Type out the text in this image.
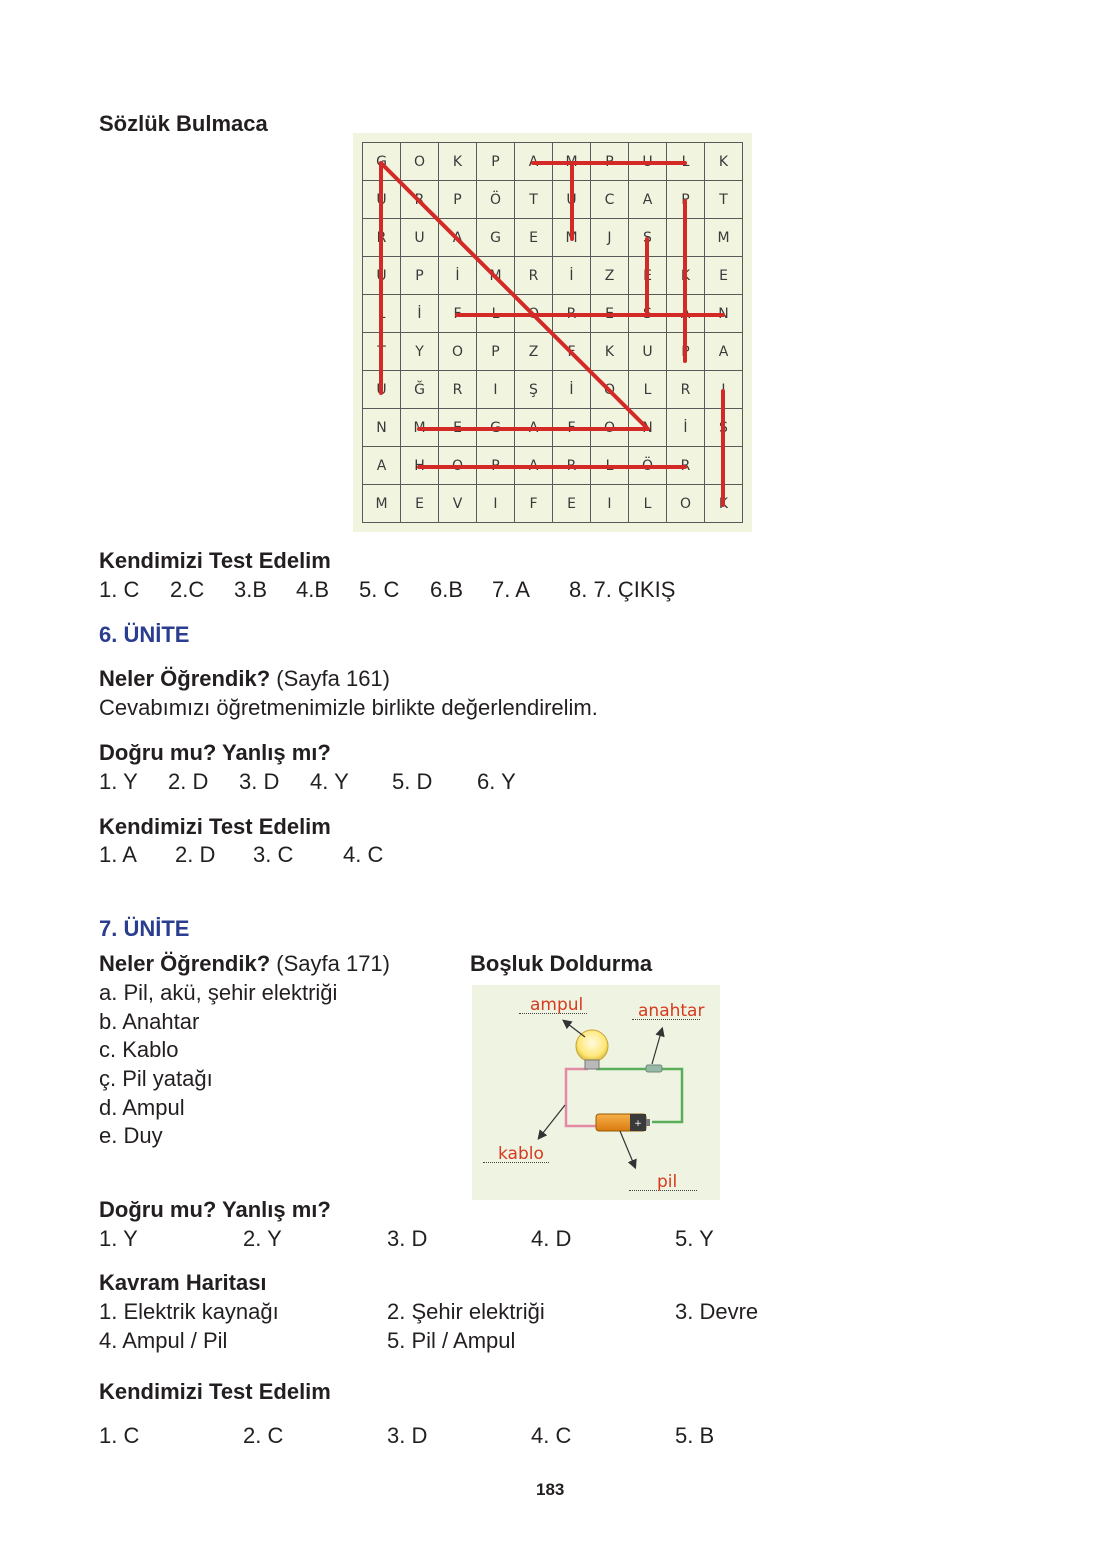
Sözlük Bulmaca
G	O	K	P	A	M	P	U	L	K
U	R	P	Ö	T	U	C	A	P	T
R	U	A	G	E	M	J	S	İ	M
U	P	İ	M	R	İ	Z	E	K	E
L	İ	F	L	O	R	E	S	A	N
T	Y	O	P	Z	F	K	U	P	A
U	Ğ	R	I	Ş	İ	O	L	R	I
N	M	E	G	A	F	O	N	İ	Ş
A	H	O	P	A	R	L	Ö	R	I
M	E	V	I	F	E	I	L	O	K
Kendimizi Test Edelim
1. C 2.C 3.B 4.B 5. C 6.B 7. A 8. 7. ÇIKIŞ
6. ÜNİTE
Neler Öğrendik? (Sayfa 161)
Cevabımızı öğretmenimizle birlikte değerlendirelim.
Doğru mu? Yanlış mı?
1. Y 2. D 3. D 4. Y 5. D 6. Y
Kendimizi Test Edelim
1. A 2. D 3. C 4. C
7. ÜNİTE
Neler Öğrendik? (Sayfa 171)
a. Pil, akü, şehir elektriği
b. Anahtar
c. Kablo
ç. Pil yatağı
d. Ampul
e. Duy
Boşluk Doldurma
+
ampul	anahtar
kablo
pil
Doğru mu? Yanlış mı?
1. Y	2. Y	3. D	4. D	5. Y
Kavram Haritası
1. Elektrik kaynağı	2. Şehir elektriği	3. Devre
4. Ampul / Pil	5. Pil / Ampul
Kendimizi Test Edelim
1. C	2. C	3. D	4. C	5. B
183
